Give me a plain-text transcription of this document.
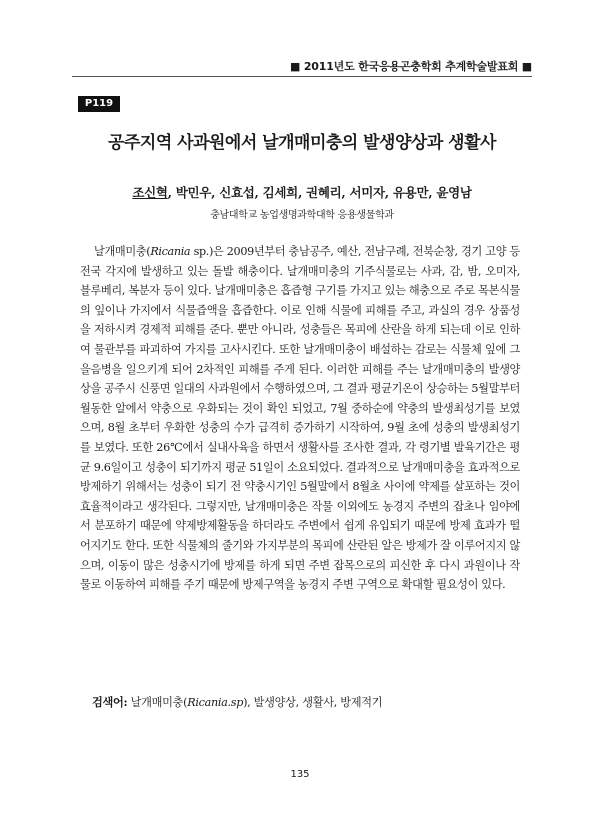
■ 2011년도 한국응용곤충학회 추계학술발표회 ■
P119
공주지역 사과원에서 날개매미충의 발생양상과 생활사
조신혁, 박민우, 신효섭, 김세희, 권혜리, 서미자, 유용만, 윤영남
충남대학교 농업생명과학대학 응용생물학과

날개매미충(Ricania sp.)은 2009년부터 충남공주, 예산, 전남구례, 전북순창, 경기 고양 등 전국 각지에 발생하고 있는 돌발 해충이다. 날개매미충의 기주식물로는 사과, 감, 밤, 오미자, 블루베리, 복분자 등이 있다. 날개매미충은 흡즙형 구기를 가지고 있는 해충으로 주로 목본식물의 잎이나 가지에서 식물즙액을 흡즙한다. 이로 인해 식물에 피해를 주고, 과실의 경우 상품성을 저하시켜 경제적 피해를 준다. 뿐만 아니라, 성충들은 목피에 산란을 하게 되는데 이로 인하여 물관부를 파괴하여 가지를 고사시킨다. 또한 날개매미충이 배설하는 감로는 식물체 잎에 그을음병을 일으키게 되어 2차적인 피해를 주게 된다. 이러한 피해를 주는 날개매미충의 발생양상을 공주시 신풍면 일대의 사과원에서 수행하였으며, 그 결과 평균기온이 상승하는 5월말부터 월동한 알에서 약충으로 우화되는 것이 확인 되었고, 7월 중하순에 약충의 발생최성기를 보였으며, 8월 초부터 우화한 성충의 수가 급격히 증가하기 시작하여, 9월 초에 성충의 발생최성기를 보였다. 또한 26℃에서 실내사육을 하면서 생활사를 조사한 결과, 각 령기별 발육기간은 평균 9.6일이고 성충이 되기까지 평균 51일이 소요되었다. 결과적으로 날개매미충을 효과적으로 방제하기 위해서는 성충이 되기 전 약충시기인 5월말에서 8월초 사이에 약제를 살포하는 것이 효율적이라고 생각된다. 그렇지만, 날개매미충은 작물 이외에도 농경지 주변의 잡초나 임야에서 분포하기 때문에 약제방제활동을 하더라도 주변에서 쉽게 유입되기 때문에 방제 효과가 떨어지기도 한다. 또한 식물체의 줄기와 가지부분의 목피에 산란된 알은 방제가 잘 이루어지지 않으며, 이동이 많은 성충시기에 방제를 하게 되면 주변 잡목으로의 피신한 후 다시 과원이나 작물로 이동하여 피해를 주기 때문에 방제구역을 농경지 주변 구역으로 확대할 필요성이 있다.

검색어: 날개매미충(Ricania.sp), 발생양상, 생활사, 방제적기
135
